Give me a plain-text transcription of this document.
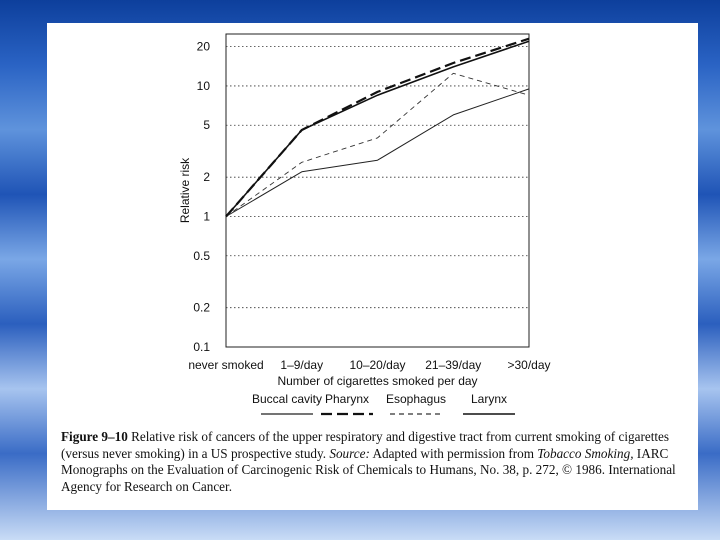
20
10
5
2
1
0.5
0.2
0.1
never smoked 1–9/day 10–20/day 21–39/day >30/day
Number of cigarettes smoked per day
Relative risk
Buccal cavity Pharynx Esophagus Larynx
Figure 9–10 Relative risk of cancers of the upper respiratory and digestive tract from current smoking of cigarettes (versus never smoking) in a US prospective study. Source: Adapted with permission from Tobacco Smoking, IARC Monographs on the Evaluation of Carcinogenic Risk of Chemicals to Humans, No. 38, p. 272, © 1986. International Agency for Research on Cancer.
